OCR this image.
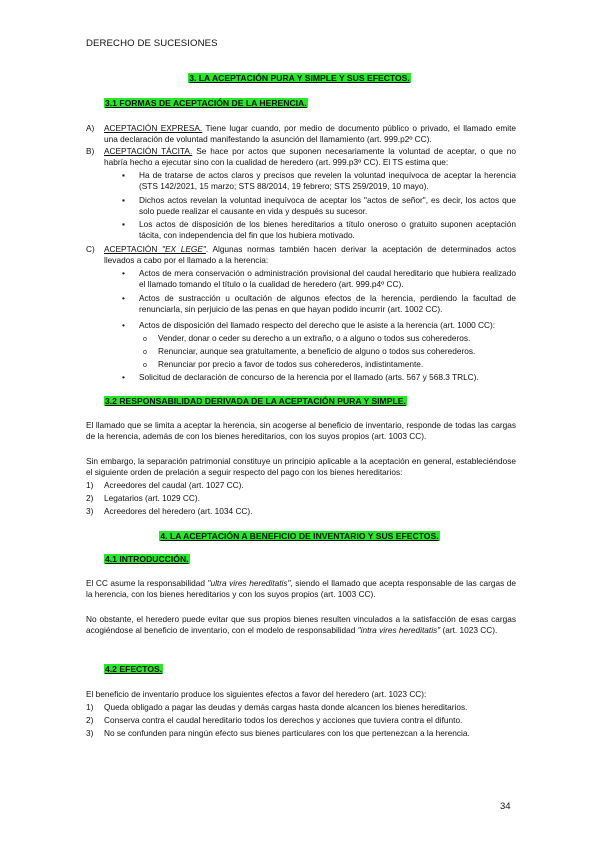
DERECHO DE SUCESIONES
3. LA ACEPTACIÓN PURA Y SIMPLE Y SUS EFECTOS.
3.1 FORMAS DE ACEPTACIÓN DE LA HERENCIA.
A) ACEPTACIÓN EXPRESA. Tiene lugar cuando, por medio de documento público o privado, el llamado emite una declaración de voluntad manifestando la asunción del llamamiento (art. 999.p2º CC).
B) ACEPTACIÓN TÁCITA. Se hace por actos que suponen necesariamente la voluntad de aceptar, o que no habría hecho a ejecutar sino con la cualidad de heredero (art. 999.p3º CC). El TS estima que:
▪ Ha de tratarse de actos claros y precisos que revelen la voluntad inequívoca de aceptar la herencia (STS 142/2021, 15 marzo; STS 88/2014, 19 febrero; STS 259/2019, 10 mayo).
▪ Dichos actos revelan la voluntad inequívoca de aceptar los "actos de señor", es decir, los actos que solo puede realizar el causante en vida y después su sucesor.
▪ Los actos de disposición de los bienes hereditarios a título oneroso o gratuito suponen aceptación tácita, con independencia del fin que los hubiera motivado.
C) ACEPTACIÓN "EX LEGE". Algunas normas también hacen derivar la aceptación de determinados actos llevados a cabo por el llamado a la herencia:
• Actos de mera conservación o administración provisional del caudal hereditario que hubiera realizado el llamado tomando el título o la cualidad de heredero (art. 999.p4º CC).
• Actos de sustracción u ocultación de algunos efectos de la herencia, perdiendo la facultad de renunciarla, sin perjuicio de las penas en que hayan podido incurrir (art. 1002 CC).
• Actos de disposición del llamado respecto del derecho que le asiste a la herencia (art. 1000 CC):
o Vender, donar o ceder su derecho a un extraño, o a alguno o todos sus coherederos.
o Renunciar, aunque sea gratuitamente, a beneficio de alguno o todos sus coherederos.
o Renunciar por precio a favor de todos sus coherederos, indistintamente.
• Solicitud de declaración de concurso de la herencia por el llamado (arts. 567 y 568.3 TRLC).
3.2 RESPONSABILIDAD DERIVADA DE LA ACEPTACIÓN PURA Y SIMPLE.
El llamado que se limita a aceptar la herencia, sin acogerse al beneficio de inventario, responde de todas las cargas de la herencia, además de con los bienes hereditarios, con los suyos propios (art. 1003 CC).
Sin embargo, la separación patrimonial constituye un principio aplicable a la aceptación en general, estableciéndose el siguiente orden de prelación a seguir respecto del pago con los bienes hereditarios:
1) Acreedores del caudal (art. 1027 CC).
2) Legatarios (art. 1029 CC).
3) Acreedores del heredero (art. 1034 CC).
4. LA ACEPTACIÓN A BENEFICIO DE INVENTARIO Y SUS EFECTOS.
4.1 INTRODUCCIÓN.
El CC asume la responsabilidad "ultra vires hereditatis", siendo el llamado que acepta responsable de las cargas de la herencia, con los bienes hereditarios y con los suyos propios (art. 1003 CC).
No obstante, el heredero puede evitar que sus propios bienes resulten vinculados a la satisfacción de esas cargas acogiéndose al beneficio de inventario, con el modelo de responsabilidad "intra vires hereditatis" (art. 1023 CC).
4.2 EFECTOS.
El beneficio de inventario produce los siguientes efectos a favor del heredero (art. 1023 CC):
1) Queda obligado a pagar las deudas y demás cargas hasta donde alcancen los bienes hereditarios.
2) Conserva contra el caudal hereditario todos los derechos y acciones que tuviera contra el difunto.
3) No se confunden para ningún efecto sus bienes particulares con los que pertenezcan a la herencia.
34
